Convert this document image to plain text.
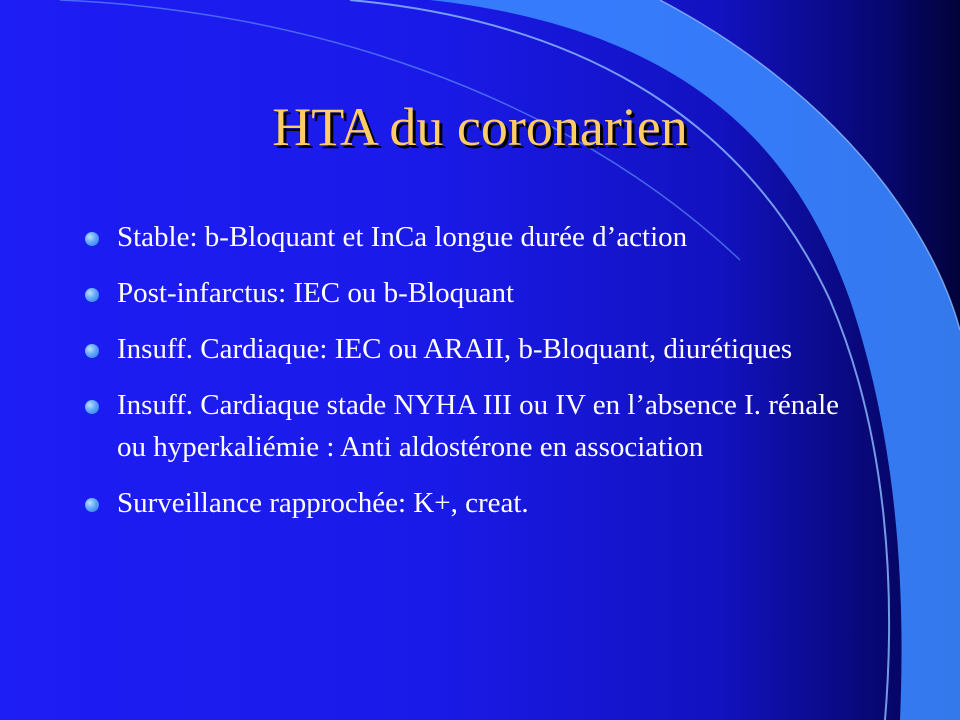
HTA du coronarien
Stable: b-Bloquant et InCa longue durée d’action
Post-infarctus: IEC ou b-Bloquant
Insuff. Cardiaque: IEC ou ARAII, b-Bloquant, diurétiques
Insuff. Cardiaque stade NYHA III ou IV en l’absence I. rénale ou hyperkaliémie : Anti aldostérone en association
Surveillance rapprochée: K+, creat.
